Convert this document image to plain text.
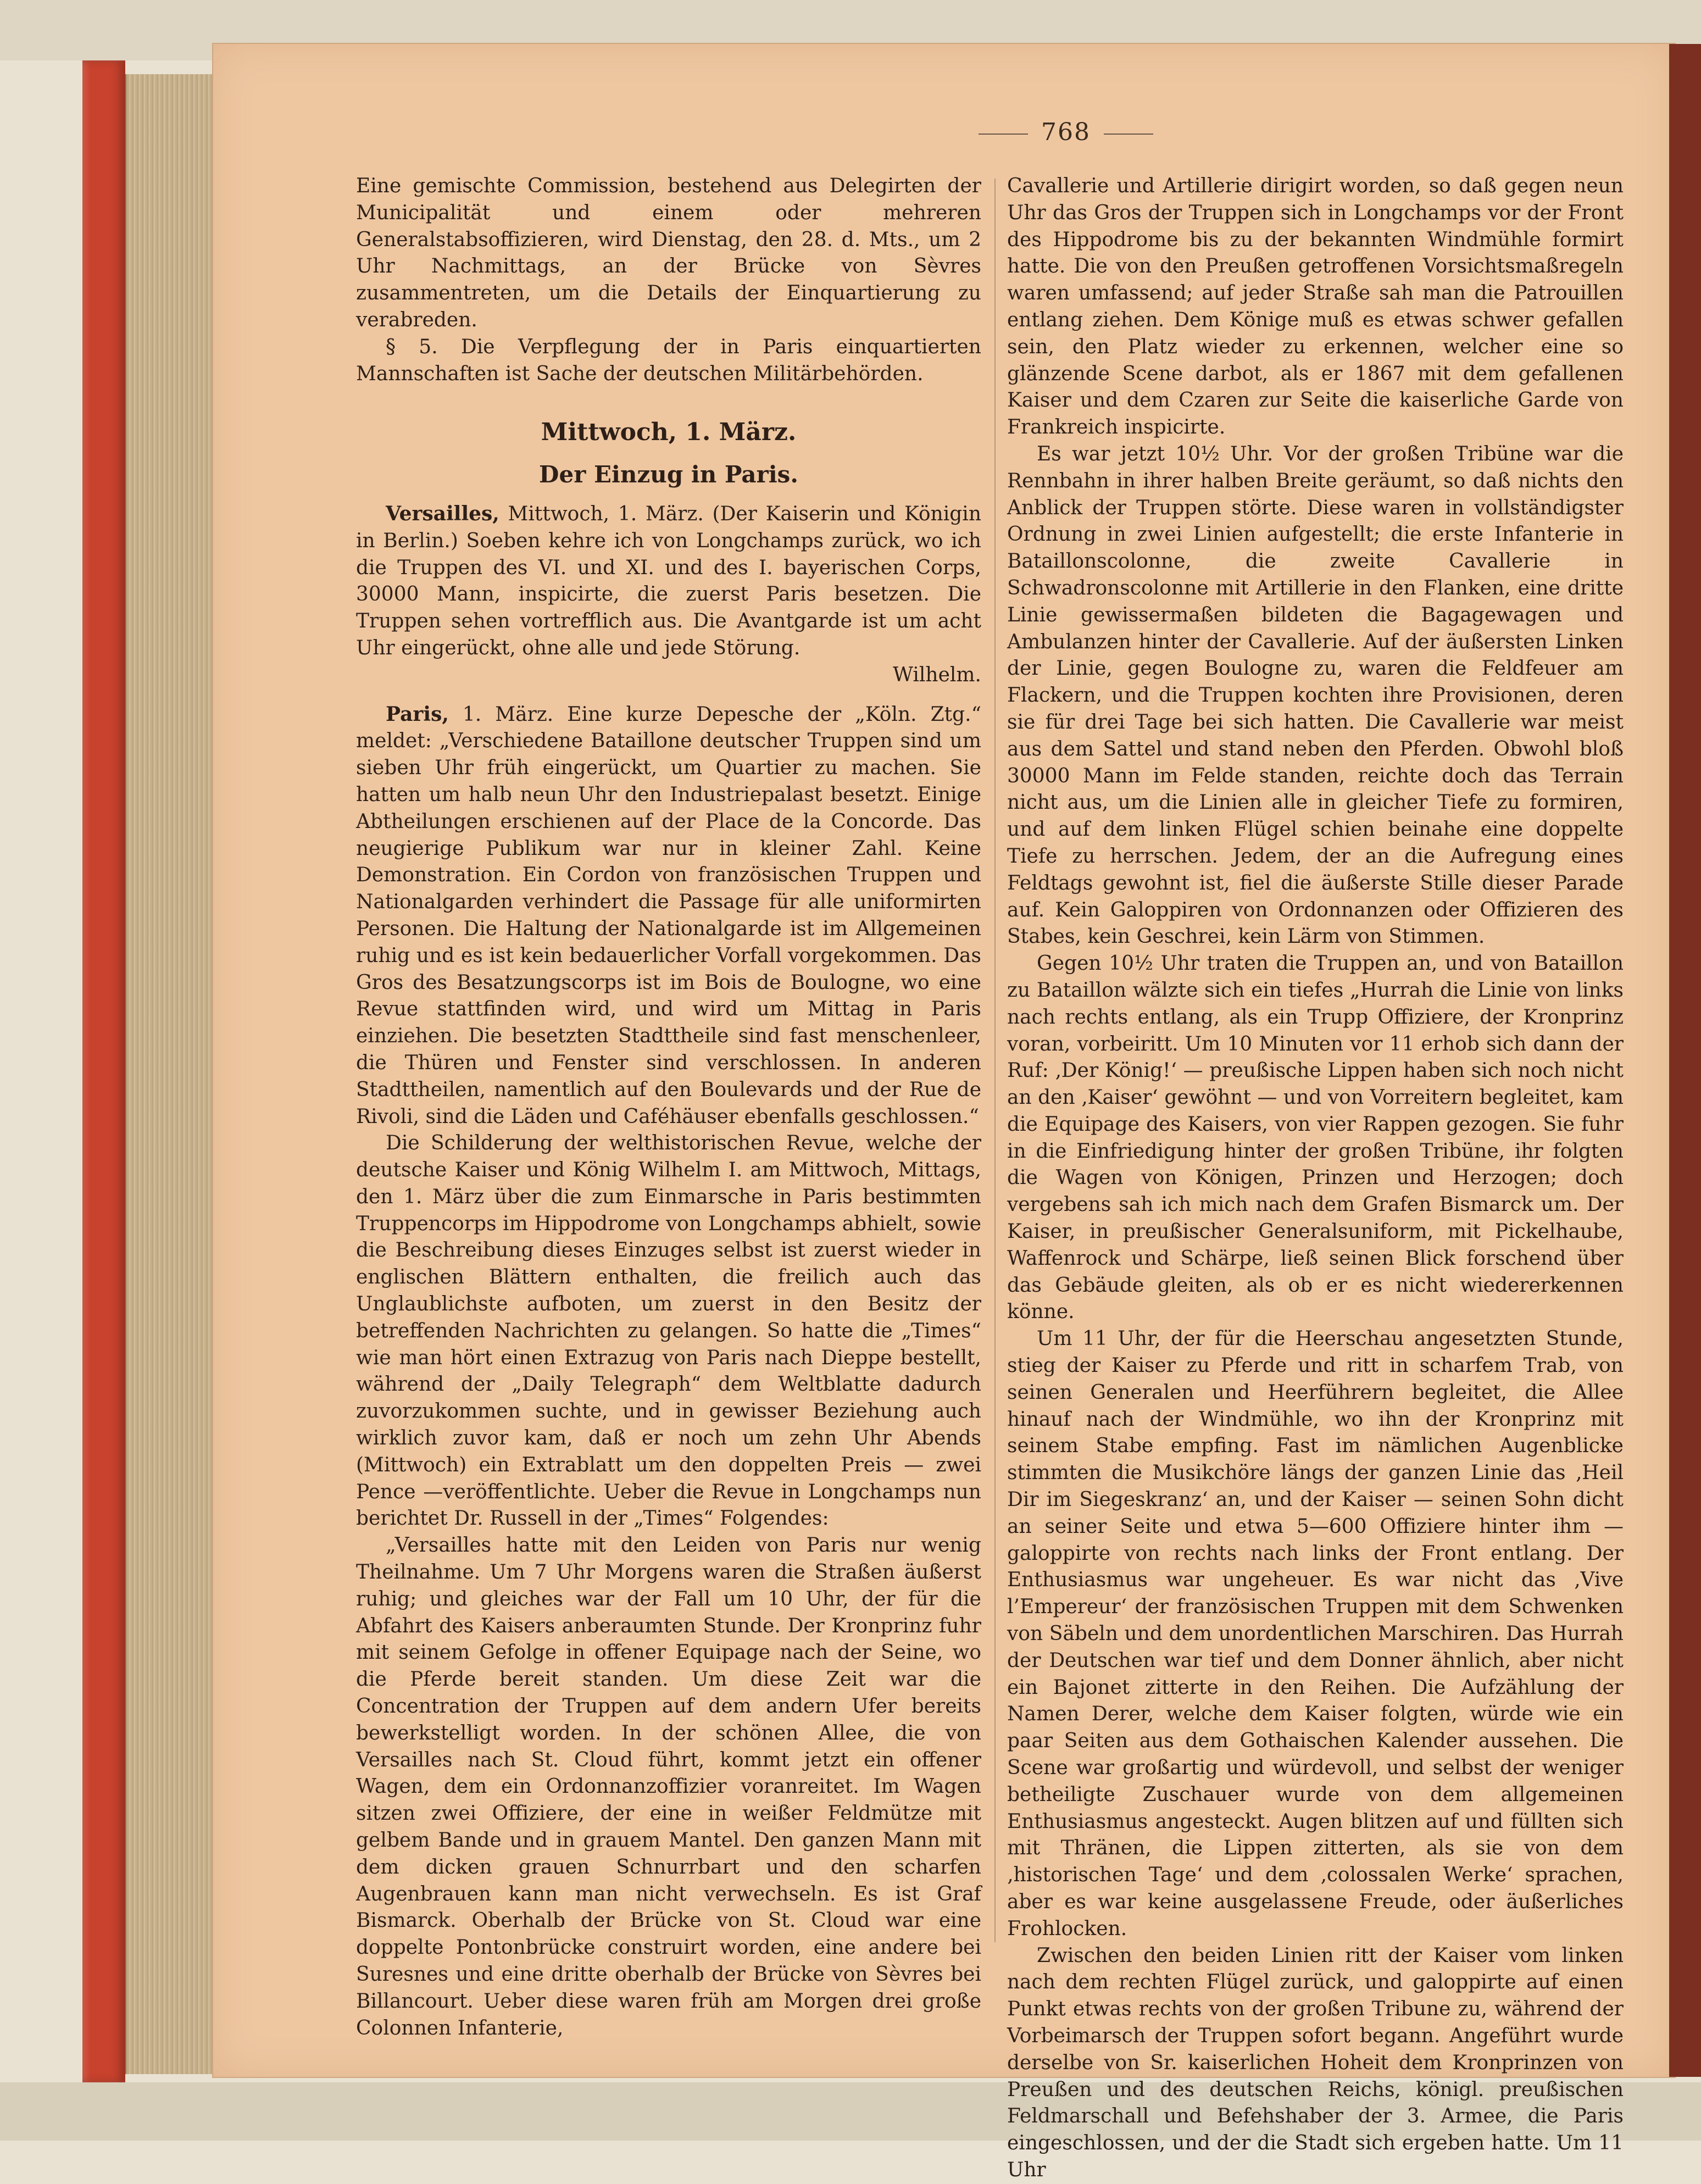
768

Eine gemischte Commission, bestehend aus Delegirten der Municipalität und einem oder mehreren Generalstabsoffizieren, wird Dienstag, den 28. d. Mts., um 2 Uhr Nachmittags, an der Brücke von Sèvres zusammentreten, um die Details der Einquartierung zu verabreden.

§ 5. Die Verpflegung der in Paris einquartierten Mannschaften ist Sache der deutschen Militärbehörden.

Mittwoch, 1. März.
Der Einzug in Paris.

Versailles, Mittwoch, 1. März. (Der Kaiserin und Königin in Berlin.) Soeben kehre ich von Longchamps zurück, wo ich die Truppen des VI. und XI. und des I. bayerischen Corps, 30000 Mann, inspicirte, die zuerst Paris besetzen. Die Truppen sehen vortrefflich aus. Die Avantgarde ist um acht Uhr eingerückt, ohne alle und jede Störung.
Wilhelm.

Paris, 1. März. Eine kurze Depesche der „Köln. Ztg.“ meldet: „Verschiedene Bataillone deutscher Truppen sind um sieben Uhr früh eingerückt, um Quartier zu machen. Sie hatten um halb neun Uhr den Industriepalast besetzt. Einige Abtheilungen erschienen auf der Place de la Concorde. Das neugierige Publikum war nur in kleiner Zahl. Keine Demonstration. Ein Cordon von französischen Truppen und Nationalgarden verhindert die Passage für alle uniformirten Personen. Die Haltung der Nationalgarde ist im Allgemeinen ruhig und es ist kein bedauerlicher Vorfall vorgekommen. Das Gros des Besatzungscorps ist im Bois de Boulogne, wo eine Revue stattfinden wird, und wird um Mittag in Paris einziehen. Die besetzten Stadttheile sind fast menschenleer, die Thüren und Fenster sind verschlossen. In anderen Stadttheilen, namentlich auf den Boulevards und der Rue de Rivoli, sind die Läden und Caféhäuser ebenfalls geschlossen.“

Die Schilderung der welthistorischen Revue, welche der deutsche Kaiser und König Wilhelm I. am Mittwoch, Mittags, den 1. März über die zum Einmarsche in Paris bestimmten Truppencorps im Hippodrome von Longchamps abhielt, sowie die Beschreibung dieses Einzuges selbst ist zuerst wieder in englischen Blättern enthalten, die freilich auch das Unglaublichste aufboten, um zuerst in den Besitz der betreffenden Nachrichten zu gelangen. So hatte die „Times“ wie man hört einen Extrazug von Paris nach Dieppe bestellt, während der „Daily Telegraph“ dem Weltblatte dadurch zuvorzukommen suchte, und in gewisser Beziehung auch wirklich zuvor kam, daß er noch um zehn Uhr Abends (Mittwoch) ein Extrablatt um den doppelten Preis — zwei Pence —veröffentlichte. Ueber die Revue in Longchamps nun berichtet Dr. Russell in der „Times“ Folgendes:

„Versailles hatte mit den Leiden von Paris nur wenig Theilnahme. Um 7 Uhr Morgens waren die Straßen äußerst ruhig; und gleiches war der Fall um 10 Uhr, der für die Abfahrt des Kaisers anberaumten Stunde. Der Kronprinz fuhr mit seinem Gefolge in offener Equipage nach der Seine, wo die Pferde bereit standen. Um diese Zeit war die Concentration der Truppen auf dem andern Ufer bereits bewerkstelligt worden. In der schönen Allee, die von Versailles nach St. Cloud führt, kommt jetzt ein offener Wagen, dem ein Ordonnanzoffizier voranreitet. Im Wagen sitzen zwei Offiziere, der eine in weißer Feldmütze mit gelbem Bande und in grauem Mantel. Den ganzen Mann mit dem dicken grauen Schnurrbart und den scharfen Augenbrauen kann man nicht verwechseln. Es ist Graf Bismarck. Oberhalb der Brücke von St. Cloud war eine doppelte Pontonbrücke construirt worden, eine andere bei Suresnes und eine dritte oberhalb der Brücke von Sèvres bei Billancourt. Ueber diese waren früh am Morgen drei große Colonnen Infanterie,

Cavallerie und Artillerie dirigirt worden, so daß gegen neun Uhr das Gros der Truppen sich in Longchamps vor der Front des Hippodrome bis zu der bekannten Windmühle formirt hatte. Die von den Preußen getroffenen Vorsichtsmaßregeln waren umfassend; auf jeder Straße sah man die Patrouillen entlang ziehen. Dem Könige muß es etwas schwer gefallen sein, den Platz wieder zu erkennen, welcher eine so glänzende Scene darbot, als er 1867 mit dem gefallenen Kaiser und dem Czaren zur Seite die kaiserliche Garde von Frankreich inspicirte.

Es war jetzt 10½ Uhr. Vor der großen Tribüne war die Rennbahn in ihrer halben Breite geräumt, so daß nichts den Anblick der Truppen störte. Diese waren in vollständigster Ordnung in zwei Linien aufgestellt; die erste Infanterie in Bataillonscolonne, die zweite Cavallerie in Schwadronscolonne mit Artillerie in den Flanken, eine dritte Linie gewissermaßen bildeten die Bagagewagen und Ambulanzen hinter der Cavallerie. Auf der äußersten Linken der Linie, gegen Boulogne zu, waren die Feldfeuer am Flackern, und die Truppen kochten ihre Provisionen, deren sie für drei Tage bei sich hatten. Die Cavallerie war meist aus dem Sattel und stand neben den Pferden. Obwohl bloß 30000 Mann im Felde standen, reichte doch das Terrain nicht aus, um die Linien alle in gleicher Tiefe zu formiren, und auf dem linken Flügel schien beinahe eine doppelte Tiefe zu herrschen. Jedem, der an die Aufregung eines Feldtags gewohnt ist, fiel die äußerste Stille dieser Parade auf. Kein Galoppiren von Ordonnanzen oder Offizieren des Stabes, kein Geschrei, kein Lärm von Stimmen.

Gegen 10½ Uhr traten die Truppen an, und von Bataillon zu Bataillon wälzte sich ein tiefes „Hurrah die Linie von links nach rechts entlang, als ein Trupp Offiziere, der Kronprinz voran, vorbeiritt. Um 10 Minuten vor 11 erhob sich dann der Ruf: ‚Der König!‘ — preußische Lippen haben sich noch nicht an den ‚Kaiser‘ gewöhnt — und von Vorreitern begleitet, kam die Equipage des Kaisers, von vier Rappen gezogen. Sie fuhr in die Einfriedigung hinter der großen Tribüne, ihr folgten die Wagen von Königen, Prinzen und Herzogen; doch vergebens sah ich mich nach dem Grafen Bismarck um. Der Kaiser, in preußischer Generalsuniform, mit Pickelhaube, Waffenrock und Schärpe, ließ seinen Blick forschend über das Gebäude gleiten, als ob er es nicht wiedererkennen könne.

Um 11 Uhr, der für die Heerschau angesetzten Stunde, stieg der Kaiser zu Pferde und ritt in scharfem Trab, von seinen Generalen und Heerführern begleitet, die Allee hinauf nach der Windmühle, wo ihn der Kronprinz mit seinem Stabe empfing. Fast im nämlichen Augenblicke stimmten die Musikchöre längs der ganzen Linie das ‚Heil Dir im Siegeskranz‘ an, und der Kaiser — seinen Sohn dicht an seiner Seite und etwa 5—600 Offiziere hinter ihm — galoppirte von rechts nach links der Front entlang. Der Enthusiasmus war ungeheuer. Es war nicht das ‚Vive l’Empereur‘ der französischen Truppen mit dem Schwenken von Säbeln und dem unordentlichen Marschiren. Das Hurrah der Deutschen war tief und dem Donner ähnlich, aber nicht ein Bajonet zitterte in den Reihen. Die Aufzählung der Namen Derer, welche dem Kaiser folgten, würde wie ein paar Seiten aus dem Gothaischen Kalender aussehen. Die Scene war großartig und würdevoll, und selbst der weniger betheiligte Zuschauer wurde von dem allgemeinen Enthusiasmus angesteckt. Augen blitzen auf und füllten sich mit Thränen, die Lippen zitterten, als sie von dem ‚historischen Tage‘ und dem ‚colossalen Werke‘ sprachen, aber es war keine ausgelassene Freude, oder äußerliches Frohlocken.

Zwischen den beiden Linien ritt der Kaiser vom linken nach dem rechten Flügel zurück, und galoppirte auf einen Punkt etwas rechts von der großen Tribune zu, während der Vorbeimarsch der Truppen sofort begann. Angeführt wurde derselbe von Sr. kaiserlichen Hoheit dem Kronprinzen von Preußen und des deutschen Reichs, königl. preußischen Feldmarschall und Befehshaber der 3. Armee, die Paris eingeschlossen, und der die Stadt sich ergeben hatte. Um 11 Uhr
